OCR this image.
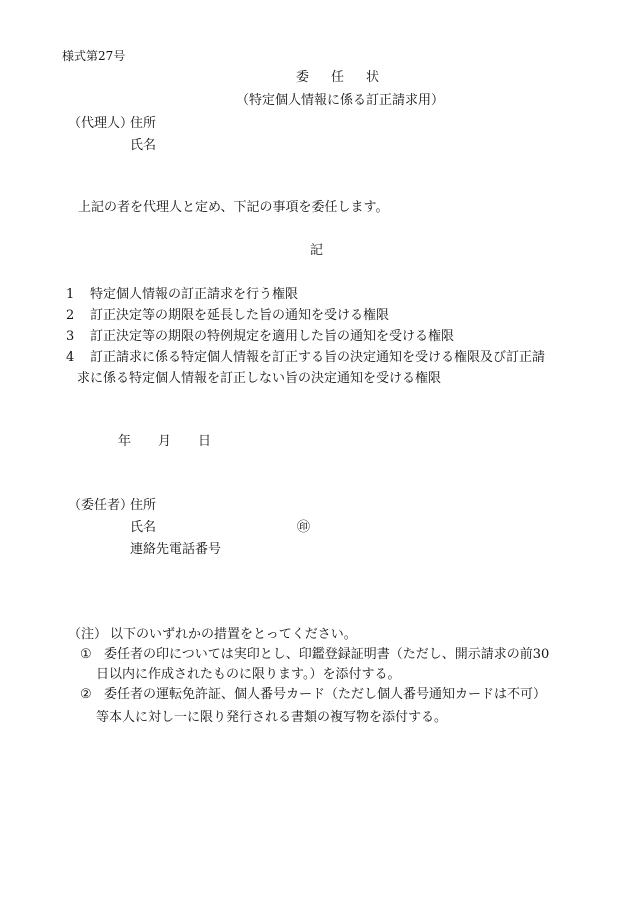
様式第27号
委任状
（特定個人情報に係る訂正請求用）
（代理人）
住所
氏名
上記の者を代理人と定め、下記の事項を委任します。
記
1 特定個人情報の訂正請求を行う権限
2 訂正決定等の期限を延長した旨の通知を受ける権限
3 訂正決定等の期限の特例規定を適用した旨の通知を受ける権限
4 訂正請求に係る特定個人情報を訂正する旨の決定通知を受ける権限及び訂正請
求に係る特定個人情報を訂正しない旨の決定通知を受ける権限
年 月 日
（委任者）
住所
氏名	㊞
連絡先電話番号
（注） 以下のいずれかの措置をとってください。
① 委任者の印については実印とし、印鑑登録証明書（ただし、開示請求の前30
日以内に作成されたものに限ります。）を添付する。
② 委任者の運転免許証、個人番号カード（ただし個人番号通知カードは不可）
等本人に対し一に限り発行される書類の複写物を添付する。
